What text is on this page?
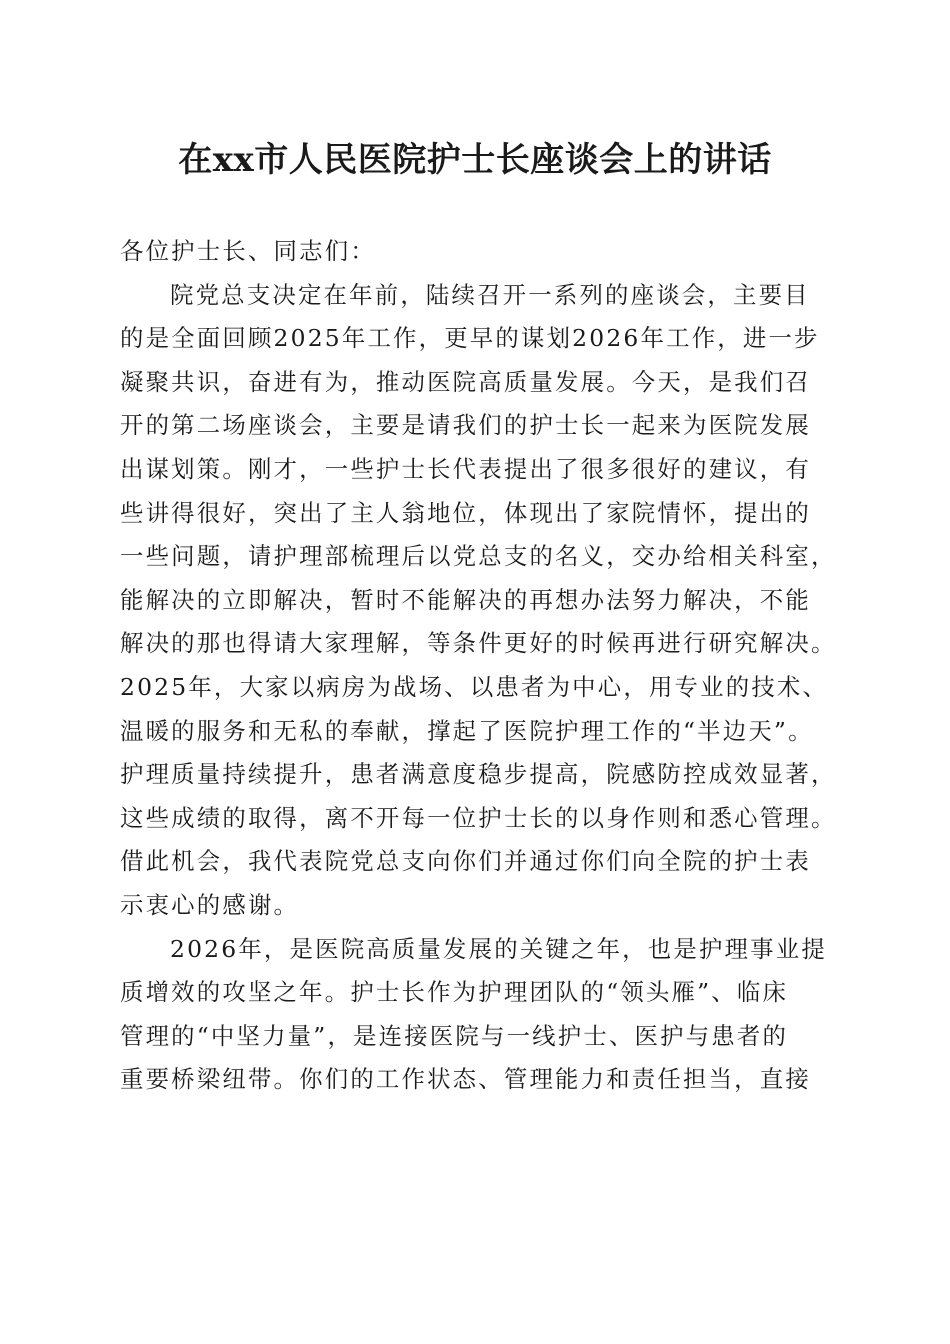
在xx市人民医院护士长座谈会上的讲话
各位护士长、同志们：
院党总支决定在年前，陆续召开一系列的座谈会，主要目
的是全面回顾2025年工作，更早的谋划2026年工作，进一步
凝聚共识，奋进有为，推动医院高质量发展。今天，是我们召
开的第二场座谈会，主要是请我们的护士长一起来为医院发展
出谋划策。刚才，一些护士长代表提出了很多很好的建议，有
些讲得很好，突出了主人翁地位，体现出了家院情怀，提出的
一些问题，请护理部梳理后以党总支的名义，交办给相关科室，
能解决的立即解决，暂时不能解决的再想办法努力解决，不能
解决的那也得请大家理解，等条件更好的时候再进行研究解决。
2025年，大家以病房为战场、以患者为中心，用专业的技术、
温暖的服务和无私的奉献，撑起了医院护理工作的“半边天”。
护理质量持续提升，患者满意度稳步提高，院感防控成效显著，
这些成绩的取得，离不开每一位护士长的以身作则和悉心管理。
借此机会，我代表院党总支向你们并通过你们向全院的护士表
示衷心的感谢。
2026年，是医院高质量发展的关键之年，也是护理事业提
质增效的攻坚之年。护士长作为护理团队的“领头雁”、临床
管理的“中坚力量”，是连接医院与一线护士、医护与患者的
重要桥梁纽带。你们的工作状态、管理能力和责任担当，直接
